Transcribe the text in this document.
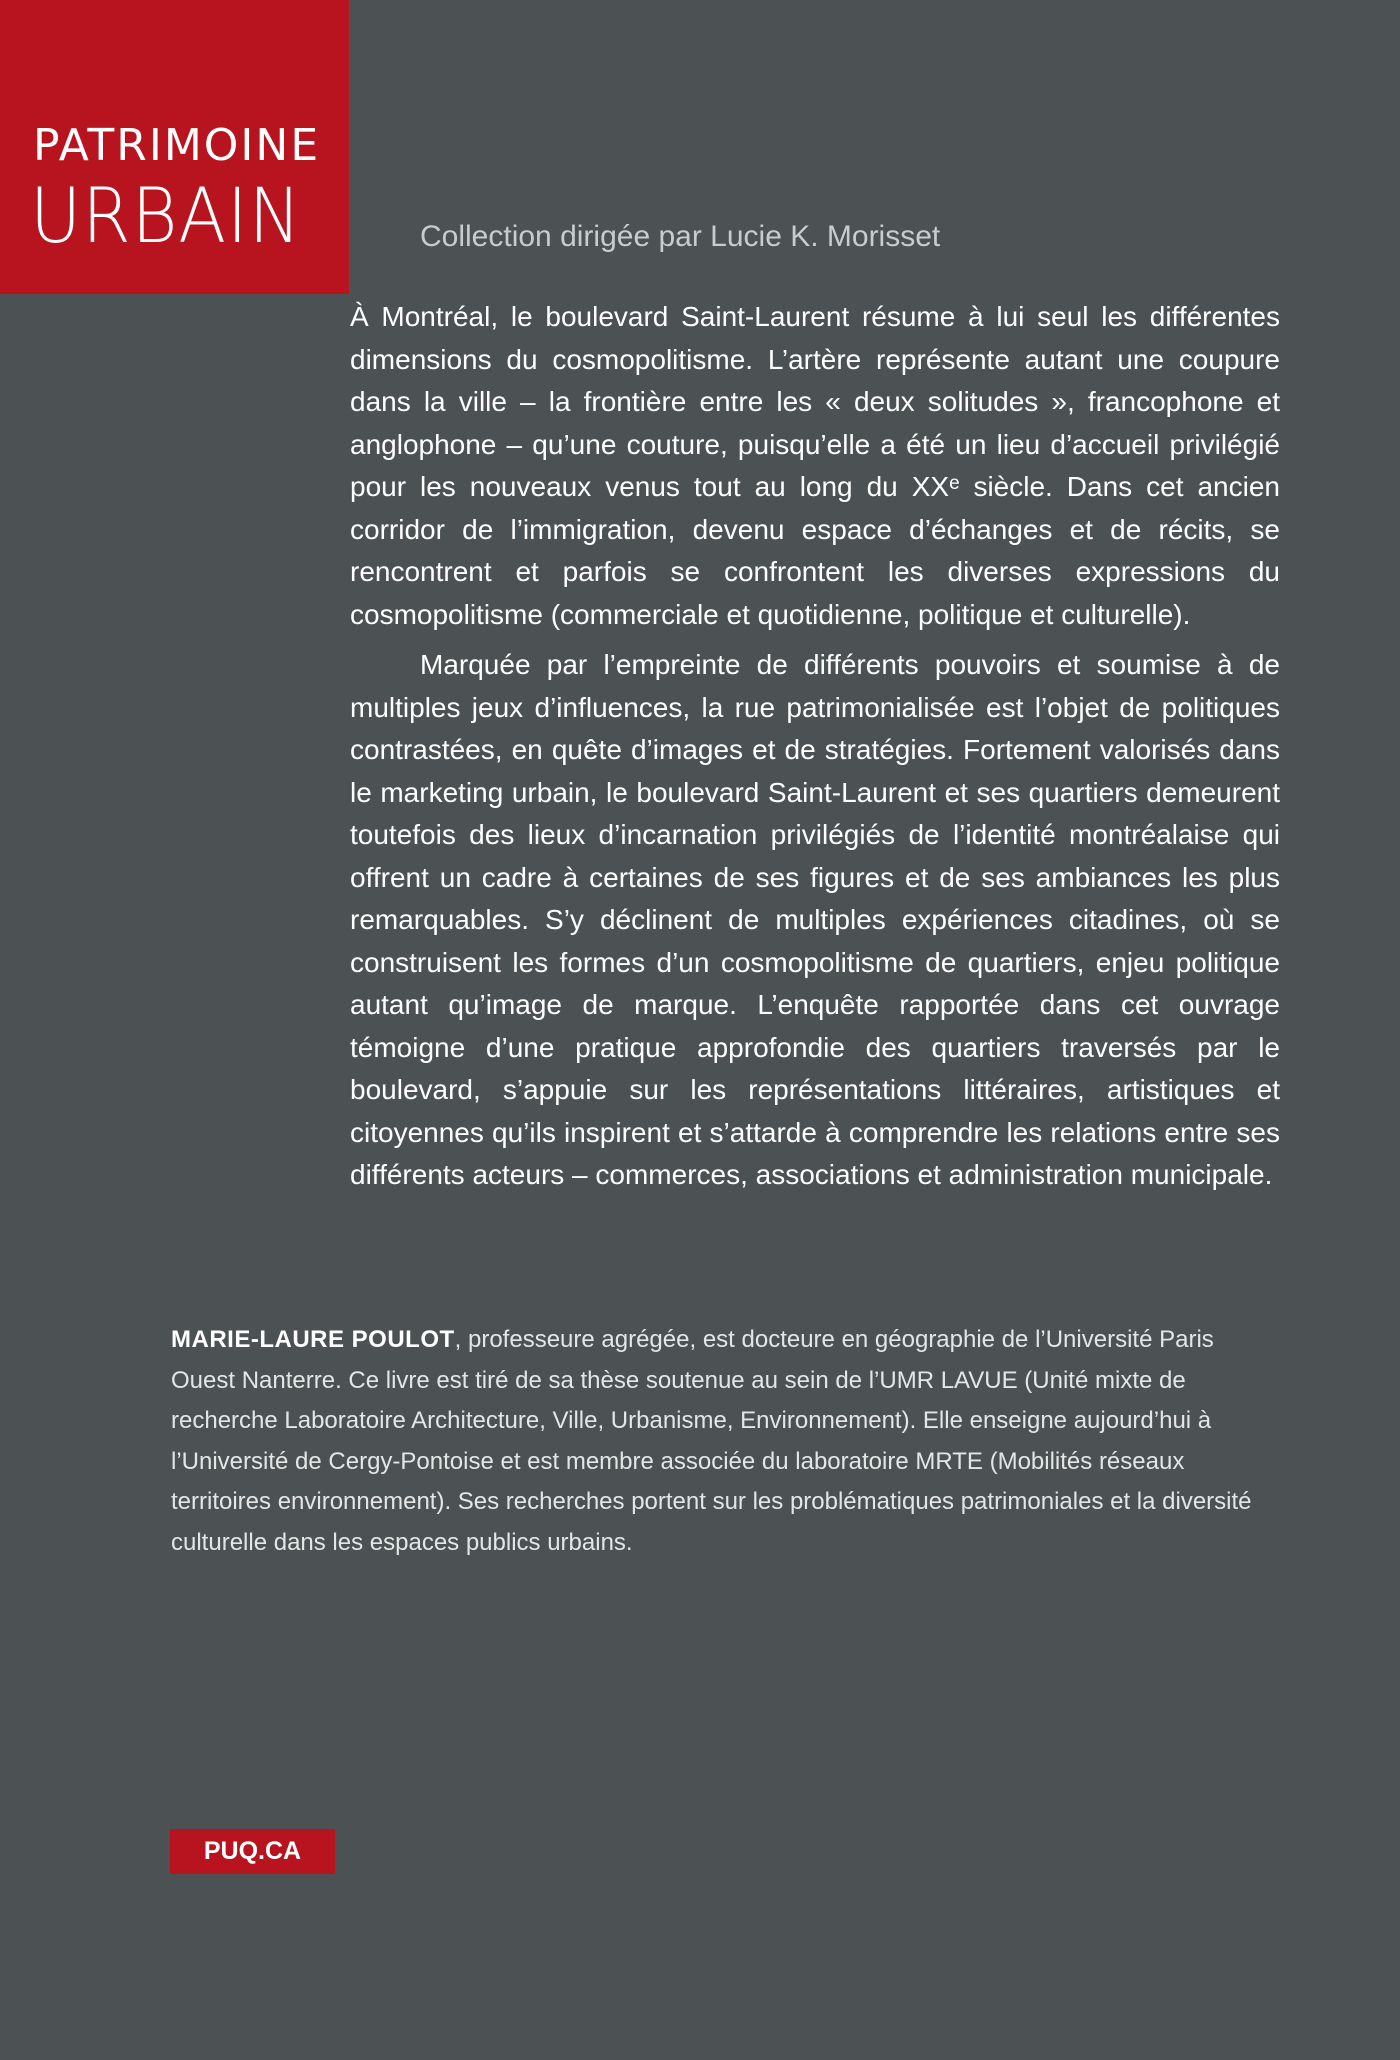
PATRIMOINE
URBAIN	Collection dirigée par Lucie K. Morisset

À Montréal, le boulevard Saint-Laurent résume à lui seul les différentes dimensions du cosmopolitisme. L’artère représente autant une coupure dans la ville – la frontière entre les « deux solitudes », francophone et anglophone – qu’une couture, puisqu’elle a été un lieu d’accueil privilégié pour les nouveaux venus tout au long du XXᵉ siècle. Dans cet ancien corridor de l’immigration, devenu espace d’échanges et de récits, se rencontrent et parfois se confrontent les diverses expressions du cosmopolitisme (commerciale et quotidienne, politique et culturelle).

Marquée par l’empreinte de différents pouvoirs et soumise à de multiples jeux d’influences, la rue patrimonialisée est l’objet de politiques contrastées, en quête d’images et de stratégies. Fortement valorisés dans le marketing urbain, le boulevard Saint-Laurent et ses quartiers demeurent toutefois des lieux d’incarnation privilégiés de l’identité montréalaise qui offrent un cadre à certaines de ses figures et de ses ambiances les plus remarquables. S’y déclinent de multiples expériences citadines, où se construisent les formes d’un cosmopolitisme de quartiers, enjeu politique autant qu’image de marque. L’enquête rapportée dans cet ouvrage témoigne d’une pratique approfondie des quartiers traversés par le boulevard, s’appuie sur les représentations littéraires, artistiques et citoyennes qu’ils inspirent et s’attarde à comprendre les relations entre ses différents acteurs – commerces, associations et administration municipale.

MARIE-LAURE POULOT, professeure agrégée, est docteure en géographie de l’Université Paris Ouest Nanterre. Ce livre est tiré de sa thèse soutenue au sein de l’UMR LAVUE (Unité mixte de recherche Laboratoire Architecture, Ville, Urbanisme, Environnement). Elle enseigne aujourd’hui à l’Université de Cergy-Pontoise et est membre associée du laboratoire MRTE (Mobilités réseaux territoires environnement). Ses recherches portent sur les problématiques patrimoniales et la diversité culturelle dans les espaces publics urbains.
PUQ.CA
